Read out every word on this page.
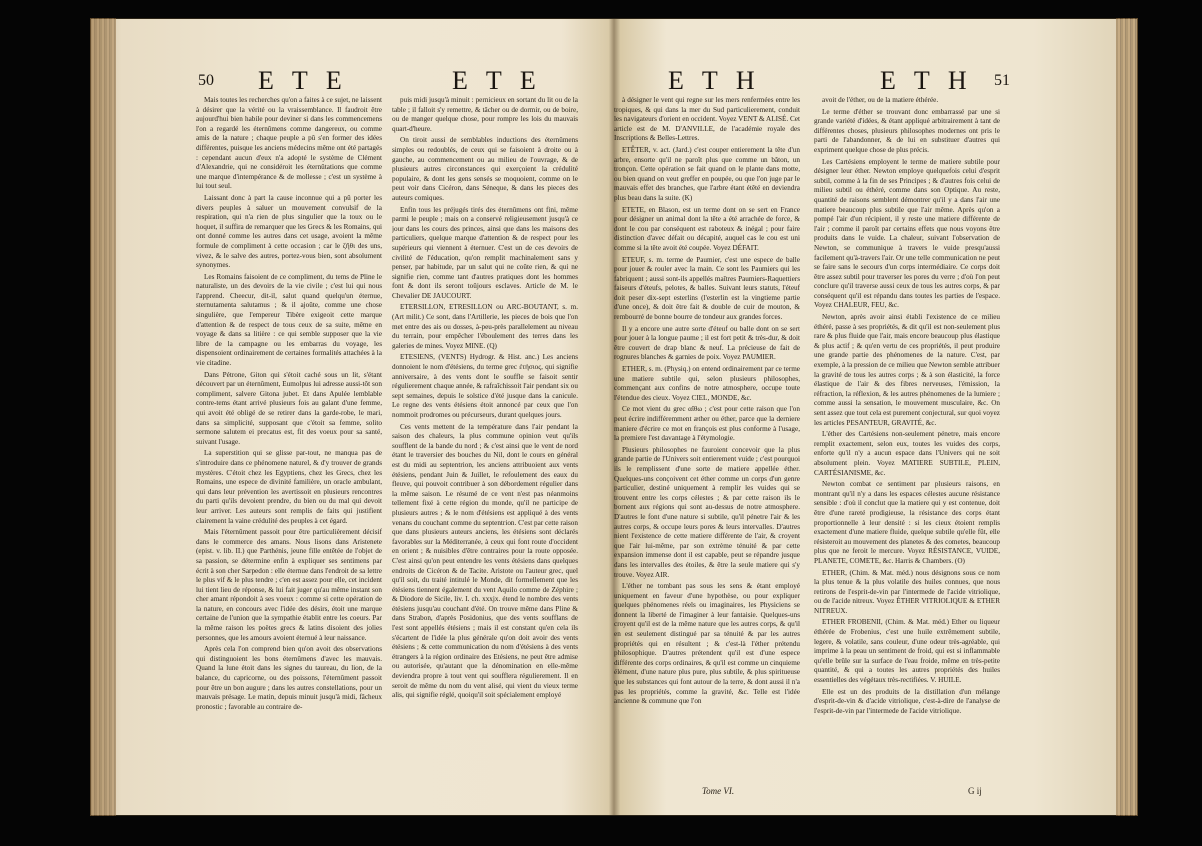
50 E T E	E T E

Mais toutes les recherches qu'on a faites à ce sujet, ne laissent à désirer que la vérité ou la vraissemblance. Il faudroit être aujourd'hui bien habile pour deviner si dans les commencemens l'on a regardé les éternûmens comme dangereux, ou comme amis de la nature ; chaque peuple a pû s'en former des idées différentes, puisque les anciens médecins même ont été partagés : cependant aucun d'eux n'a adopté le système de Clément d'Alexandrie, qui ne considéroit les éternûtations que comme une marque d'intempérance & de mollesse ; c'est un système à lui tout seul.

Laissant donc à part la cause inconnue qui a pû porter les divers peuples à saluer un mouvement convulsif de la respiration, qui n'a rien de plus singulier que la toux ou le hoquet, il suffira de remarquer que les Grecs & les Romains, qui ont donné comme les autres dans cet usage, avoient la même formule de compliment à cette occasion ; car le ζῆθι des uns, vivez, & le salve des autres, portez-vous bien, sont absolument synonymes.

Les Romains faisoient de ce compliment, du tems de Pline le naturaliste, un des devoirs de la vie civile ; c'est lui qui nous l'apprend. Cheecur, dit-il, salut quand quelqu'un éternue, sternutamenta salutamus ; & il ajoûte, comme une chose singulière, que l'empereur Tibère exigeoit cette marque d'attention & de respect de tous ceux de sa suite, même en voyage & dans sa litière : ce qui semble supposer que la vie libre de la campagne ou les embarras du voyage, les dispensoient ordinairement de certaines formalités attachées à la vie citadine.

Dans Pétrone, Giton qui s'étoit caché sous un lit, s'étant découvert par un éternûment, Eumolpus lui adresse aussi-tôt son compliment, salvere Gitona jubet. Et dans Apulée lemblable contre-tems étant arrivé plusieurs fois au galant d'une femme, qui avoit été obligé de se retirer dans la garde-robe, le mari, dans sa simplicité, supposant que c'étoit sa femme, solito sermone salutem ei precatus est, fit des voeux pour sa santé, suivant l'usage.

La superstition qui se glisse par-tout, ne manqua pas de s'introduire dans ce phénomene naturel, & d'y trouver de grands mystères. C'étoit chez les Egyptiens, chez les Grecs, chez les Romains, une espece de divinité familière, un oracle ambulant, qui dans leur prévention les avertissoit en plusieurs rencontres du parti qu'ils devoient prendre, du bien ou du mal qui devoit leur arriver. Les auteurs sont remplis de faits qui justifient clairement la vaine crédulité des peuples à cet égard.

Mais l'éternûment passoit pour être particulièrement décisif dans le commerce des amans. Nous lisons dans Aristenete (epist. v. lib. II.) que Parthénis, jeune fille entêtée de l'objet de sa passion, se détermine enfin à expliquer ses sentimens par écrit à son cher Sarpedon : elle éternue dans l'endroit de sa lettre le plus vif & le plus tendre ; c'en est assez pour elle, cet incident lui tient lieu de réponse, & lui fait juger qu'au même instant son cher amant répondoit à ses voeux : comme si cette opération de la nature, en concours avec l'idée des désirs, étoit une marque certaine de l'union que la sympathie établit entre les coeurs. Par la même raison les poëtes grecs & latins disoient des jolies personnes, que les amours avoient éternué à leur naissance.

Après cela l'on comprend bien qu'on avoit des observations qui distinguoient les bons éternûmens d'avec les mauvais. Quand la lune étoit dans les signes du taureau, du lion, de la balance, du capricorne, ou des poissons, l'éternûment passoit pour être un bon augure ; dans les autres constellations, pour un mauvais présage. Le matin, depuis minuit jusqu'à midi, fâcheux pronostic ; favorable au contraire de-

puis midi jusqu'à minuit : pernicieux en sortant du lit ou de la table ; il falloit s'y remettre, & tâcher ou de dormir, ou de boire, ou de manger quelque chose, pour rompre les lois du mauvais quart-d'heure.

On tiroit aussi de semblables inductions des éternûmens simples ou redoublés, de ceux qui se faisoient à droite ou à gauche, au commencement ou au milieu de l'ouvrage, & de plusieurs autres circonstances qui exerçoient la crédulité populaire, & dont les gens sensés se moquoient, comme on le peut voir dans Cicéron, dans Séneque, & dans les pieces des auteurs comiques.

Enfin tous les préjugés tirés des éternûmens ont fini, même parmi le peuple ; mais on a conservé religieusement jusqu'à ce jour dans les cours des princes, ainsi que dans les maisons des particuliers, quelque marque d'attention & de respect pour les supérieurs qui viennent à éternuer. C'est un de ces devoirs de civilité de l'éducation, qu'on remplit machinalement sans y penser, par habitude, par un salut qui ne coûte rien, & qui ne signifie rien, comme tant d'autres pratiques dont les hommes font & dont ils seront toûjours esclaves. Article de M. le Chevalier DE JAUCOURT.

ETERSILLON, ETRESILLON ou ARC-BOUTANT, s. m. (Art milit.) Ce sont, dans l'Artillerie, les pieces de bois que l'on met entre des ais ou dosses, à-peu-près parallelement au niveau du terrain, pour empêcher l'éboulement des terres dans les galeries de mines. Voyez MINE. (Q)

ETESIENS, (VENTS) Hydrogr. & Hist. anc.) Les anciens donnoient le nom d'étésiens, du terme grec ἐτήσιος, qui signifie anniversaire, à des vents dont le souffle se faisoit sentir régulierement chaque année, & rafraîchissoit l'air pendant six ou sept semaines, depuis le solstice d'été jusque dans la canicule. Le regne des vents étésiens étoit annoncé par ceux que l'on nommoit prodromes ou précurseurs, durant quelques jours.

Ces vents mettent de la température dans l'air pendant la saison des chaleurs, la plus commune opinion veut qu'ils soufflent de la bande du nord ; & c'est ainsi que le vent de nord étant le traversier des bouches du Nil, dont le cours en général est du midi au septentrion, les anciens attribuoient aux vents étésiens, pendant Juin & Juillet, le refoulement des eaux du fleuve, qui pouvoit contribuer à son débordement régulier dans la même saison. Le résumé de ce vent n'est pas néanmoins tellement fixé à cette région du monde, qu'il ne participe de plusieurs autres ; & le nom d'étésiens est appliqué à des vents venans du couchant comme du septentrion. C'est par cette raison que dans plusieurs auteurs anciens, les étésiens sont déclarés favorables sur la Méditerranée, à ceux qui font route d'occident en orient ; & nuisibles d'être contraires pour la route opposée. C'est ainsi qu'on peut entendre les vents étésiens dans quelques endroits de Cicéron & de Tacite. Aristote ou l'auteur grec, quel qu'il soit, du traité intitulé le Monde, dit formellement que les étésiens tiennent également du vent Aquilo comme de Zéphire ; & Diodore de Sicile, liv. I. ch. xxxjx. étend le nombre des vents étésiens jusqu'au couchant d'été. On trouve même dans Pline & dans Strabon, d'après Posidonius, que des vents soufflans de l'est sont appellés étésiens ; mais il est constant qu'en cela ils s'écartent de l'idée la plus générale qu'on doit avoir des vents étésiens ; & cette communication du nom d'étésiens à des vents étrangers à la région ordinaire des Etésiens, ne peut être admise ou autorisée, qu'autant que la dénomination en elle-même deviendra propre à tout vent qui soufflera régulierement. Il en seroit de même du nom du vent alisé, qui vient du vieux terme alis, qui signifie réglé, quoiqu'il soit spécialement employé

E T H	E T H 51

à désigner le vent qui regne sur les mers renfermées entre les tropiques, & qui dans la mer du Sud particulierement, conduit les navigateurs d'orient en occident. Voyez VENT & ALISÉ. Cet article est de M. D'ANVILLE, de l'académie royale des Inscriptions & Belles-Lettres.

ETÊTER, v. act. (Jard.) c'est couper entierement la tête d'un arbre, ensorte qu'il ne paroît plus que comme un bâton, un tronçon. Cette opération se fait quand on le plante dans motte, ou bien quand on veut greffer en poupée, ou que l'on juge par le mauvais effet des branches, que l'arbre étant étêté en deviendra plus beau dans la suite. (K)

ETETE, en Blason, est un terme dont on se sert en France pour désigner un animal dont la tête a été arrachée de force, & dont le cou par conséquent est raboteux & inégal ; pour faire distinction d'avec défait ou décapité, auquel cas le cou est uni comme si la tête avoit été coupée. Voyez DÉFAIT.

ETEUF, s. m. terme de Paumier, c'est une espece de balle pour jouer & rouler avec la main. Ce sont les Paumiers qui les fabriquent ; aussi sont-ils appellés maîtres Paumiers-Raquettiers faiseurs d'éteufs, pelotes, & balles. Suivant leurs statuts, l'éteuf doit peser dix-sept esterlins (l'esterlin est la vingtieme partie d'une once), & doit être fait & double de cuir de mouton, & rembourré de bonne bourre de tondeur aux grandes forces.

Il y a encore une autre sorte d'éteuf ou balle dont on se sert pour jouer à la longue paume ; il est fort petit & très-dur, & doit être couvert de drap blanc & neuf. La précieuse de fait de rognures blanches & garnies de poix. Voyez PAUMIER.

ETHER, s. m. (Physiq.) on entend ordinairement par ce terme une matiere subtile qui, selon plusieurs philosophes, commençant aux confins de notre atmosphere, occupe toute l'étendue des cieux. Voyez CIEL, MONDE, &c.

Ce mot vient du grec αἴθω ; c'est pour cette raison que l'on peut écrire indifféremment æther ou éther, parce que la derniere maniere d'écrire ce mot en françois est plus conforme à l'usage, la premiere l'est davantage à l'étymologie.

Plusieurs philosophes ne fauroient concevoir que la plus grande partie de l'Univers soit entierement vuide ; c'est pourquoi ils le remplissent d'une sorte de matiere appellée éther. Quelques-uns conçoivent cet éther comme un corps d'un genre particulier, destiné uniquement à remplir les vuides qui se trouvent entre les corps célestes ; & par cette raison ils le bornent aux régions qui sont au-dessus de notre atmosphere. D'autres le font d'une nature si subtile, qu'il pénetre l'air & les autres corps, & occupe leurs pores & leurs intervalles. D'autres nient l'existence de cette matiere différente de l'air, & croyent que l'air lui-même, par son extrème ténuité & par cette expansion immense dont il est capable, peut se répandre jusque dans les intervalles des étoiles, & être la seule matiere qui s'y trouve. Voyez AIR.

L'éther ne tombant pas sous les sens & étant employé uniquement en faveur d'une hypothèse, ou pour expliquer quelques phénomenes réels ou imaginaires, les Physiciens se donnent la liberté de l'imaginer à leur fantaisie. Quelques-uns croyent qu'il est de la même nature que les autres corps, & qu'il en est seulement distingué par sa ténuité & par les autres propriétés qui en résultent ; & c'est-là l'éther prétendu philosophique. D'autres prétendent qu'il est d'une espece différente des corps ordinaires, & qu'il est comme un cinquieme élément, d'une nature plus pure, plus subtile, & plus spiritueuse que les substances qui font autour de la terre, & dont aussi il n'a pas les propriétés, comme la gravité, &c. Telle est l'idée ancienne & commune que l'on

avoit de l'éther, ou de la matiere éthérée.

Le terme d'éther se trouvant donc embarrassé par une si grande variété d'idées, & étant appliqué arbitrairement à tant de différentes choses, plusieurs philosophes modernes ont pris le parti de l'abandonner, & de lui en substituer d'autres qui expriment quelque chose de plus précis.

Les Cartésiens employent le terme de matiere subtile pour désigner leur éther. Newton employe quelquefois celui d'esprit subtil, comme à la fin de ses Principes ; & d'autres fois celui de milieu subtil ou éthéré, comme dans son Optique. Au reste, quantité de raisons semblent démontrer qu'il y a dans l'air une matiere beaucoup plus subtile que l'air même. Après qu'on a pompé l'air d'un récipient, il y reste une matiere différente de l'air ; comme il paroît par certains effets que nous voyons être produits dans le vuide. La chaleur, suivant l'observation de Newton, se communique à travers le vuide presqu'aussi facilement qu'à-travers l'air. Or une telle communication ne peut se faire sans le secours d'un corps intermédiaire. Ce corps doit être assez subtil pour traverser les pores du verre ; d'où l'on peut conclure qu'il traverse aussi ceux de tous les autres corps, & par conséquent qu'il est répandu dans toutes les parties de l'espace. Voyez CHALEUR, FEU, &c.

Newton, après avoir ainsi établi l'existence de ce milieu éthéré, passe à ses propriétés, & dit qu'il est non-seulement plus rare & plus fluide que l'air, mais encore beaucoup plus élastique & plus actif ; & qu'en vertu de ces propriétés, il peut produire une grande partie des phénomenes de la nature. C'est, par exemple, à la pression de ce milieu que Newton semble attribuer la gravité de tous les autres corps ; & à son élasticité, la force élastique de l'air & des fibres nerveuses, l'émission, la réfraction, la réflexion, & les autres phénomenes de la lumiere ; comme aussi la sensation, le mouvement musculaire, &c. On sent assez que tout cela est purement conjectural, sur quoi voyez les articles PESANTEUR, GRAVITÉ, &c.

L'éther des Cartésiens non-seulement pénetre, mais encore remplit exactement, selon eux, toutes les vuides des corps, enforte qu'il n'y a aucun espace dans l'Univers qui ne soit absolument plein. Voyez MATIERE SUBTILE, PLEIN, CARTÉSIANISME, &c.

Newton combat ce sentiment par plusieurs raisons, en montrant qu'il n'y a dans les espaces célestes aucune résistance sensible : d'où il conclut que la matiere qui y est contenue, doit être d'une rareté prodigieuse, la résistance des corps étant proportionnelle à leur densité : si les cieux étoient remplis exactement d'une matiere fluide, quelque subtile qu'elle fût, elle résisteroit au mouvement des planetes & des cometes, beaucoup plus que ne feroit le mercure. Voyez RÉSISTANCE, VUIDE, PLANETE, COMETE, &c. Harris & Chambers. (O)

ETHER, (Chim. & Mat. méd.) nous désignons sous ce nom la plus tenue & la plus volatile des huiles connues, que nous retirons de l'esprit-de-vin par l'intermede de l'acide vitriolique, ou de l'acide nitreux. Voyez ÉTHER VITRIOLIQUE & ETHER NITREUX.

ETHER FROBENII, (Chim. & Mat. méd.) Ether ou liqueur éthérée de Frobenius, c'est une huile extrêmement subtile, legere, & volatile, sans couleur, d'une odeur très-agréable, qui imprime à la peau un sentiment de froid, qui est si inflammable qu'elle brûle sur la surface de l'eau froide, même en très-petite quantité, & qui a toutes les autres propriétés des huiles essentielles des végétaux très-rectifiées. V. HUILE.

Elle est un des produits de la distillation d'un mélange d'esprit-de-vin & d'acide vitriolique, c'est-à-dire de l'analyse de l'esprit-de-vin par l'intermede de l'acide vitriolique.

Tome VI.	G ij
